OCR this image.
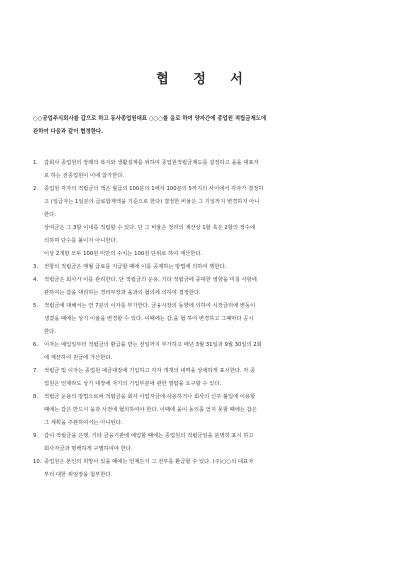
협 정 서
○○공업주식회사를 갑으로 하고 동사종업원대표 ○○○를 을로 하여 양자간에 종업원 적립금제도에
관하여 다음과 같이 협정한다.
1.	갑회사 종업원의 장래의 복지와 생활설계를 위하여 종업원적립금제도를 설정하고 을을 대표자
로 하는 전종업원이 이에 참가한다.
2.	종업원 각자의 적립금의 액은 월급의 100분의 1에서 100분의 5까지의 사이에서 각자가 결정하
고 (일급자는 1일분의 급료합계액을 기준으로 한다) 결정한 비율은 그 기일까지 변경하지 아니
한다.
상여금은 그 3할 이내를 적립할 수 있다. 단 그 비율은 정리의 계산상 1할 혹은 2할의 정수에
의하며 단수를 붙이지 아니한다.
이상 2개항 모두 100원 미만의 수치는 100원 단위로 하여 계산한다.
3.	전항의 적립금은 매월 급료를 지급할 때에 이를 공제하는 방법에 의하여 행한다.
4.	적립금은 회사가 이를 관리한다. 단 적립금의 운용, 기타 적립금에 중대한 영향을 미칠 사항에
관하여는 갑을 대리하는 경리부장과 을과의 협의에 의하여 결정한다.
5.	적립금에 대해서는 연 7분의 이자를 부가한다. 금융시장의 동향에 의하여 시장금리에 변동이
생겼을 때에는 상기 이율을 변경할 수 있다. 이때에는 갑,을 협 하여 변경하고 그때마다 공시
한다.
6.	이자는 예입일부터 적립금의 환급을 받는 전일까지 부가하고 매년 3월 31일과 9월 30일의 2회
에 계산하여 원금에 가산한다.
7.	적립금 및 이자는 종업원 예금대장에 기입하고 각자 개개의 내역을 상세하게 표시한다. 각 종
업원은 언제라도 상기 대장에 자기의 기입부분에 관한 열람을 요구할 수 있다.
8.	적립금 운용의 방법으로써 적립금을 회사 사업자금에 사용하거나 회사의 신주 불입에 이용할
때에는 갑은 반드시 을과 사전에 협의하여야 한다. 이때에 을이 동의를 얻지 못할 때에는 갑은
그 계획을 주관하여서는 아니된다.
9.	갑이 적립금을 은행, 기타 금융기관에 예입할 때에는 종업원의 적립금임을 분명히 표시 하고
회사자금과 명백하게 구별하여야 한다.
10. 종업원은 본인의 희망이 있을 때에는 언제든지 그 전부를 환급할 수 있다. (주)○○의 대표자
부터 대한 위임장을 첨부한다.
